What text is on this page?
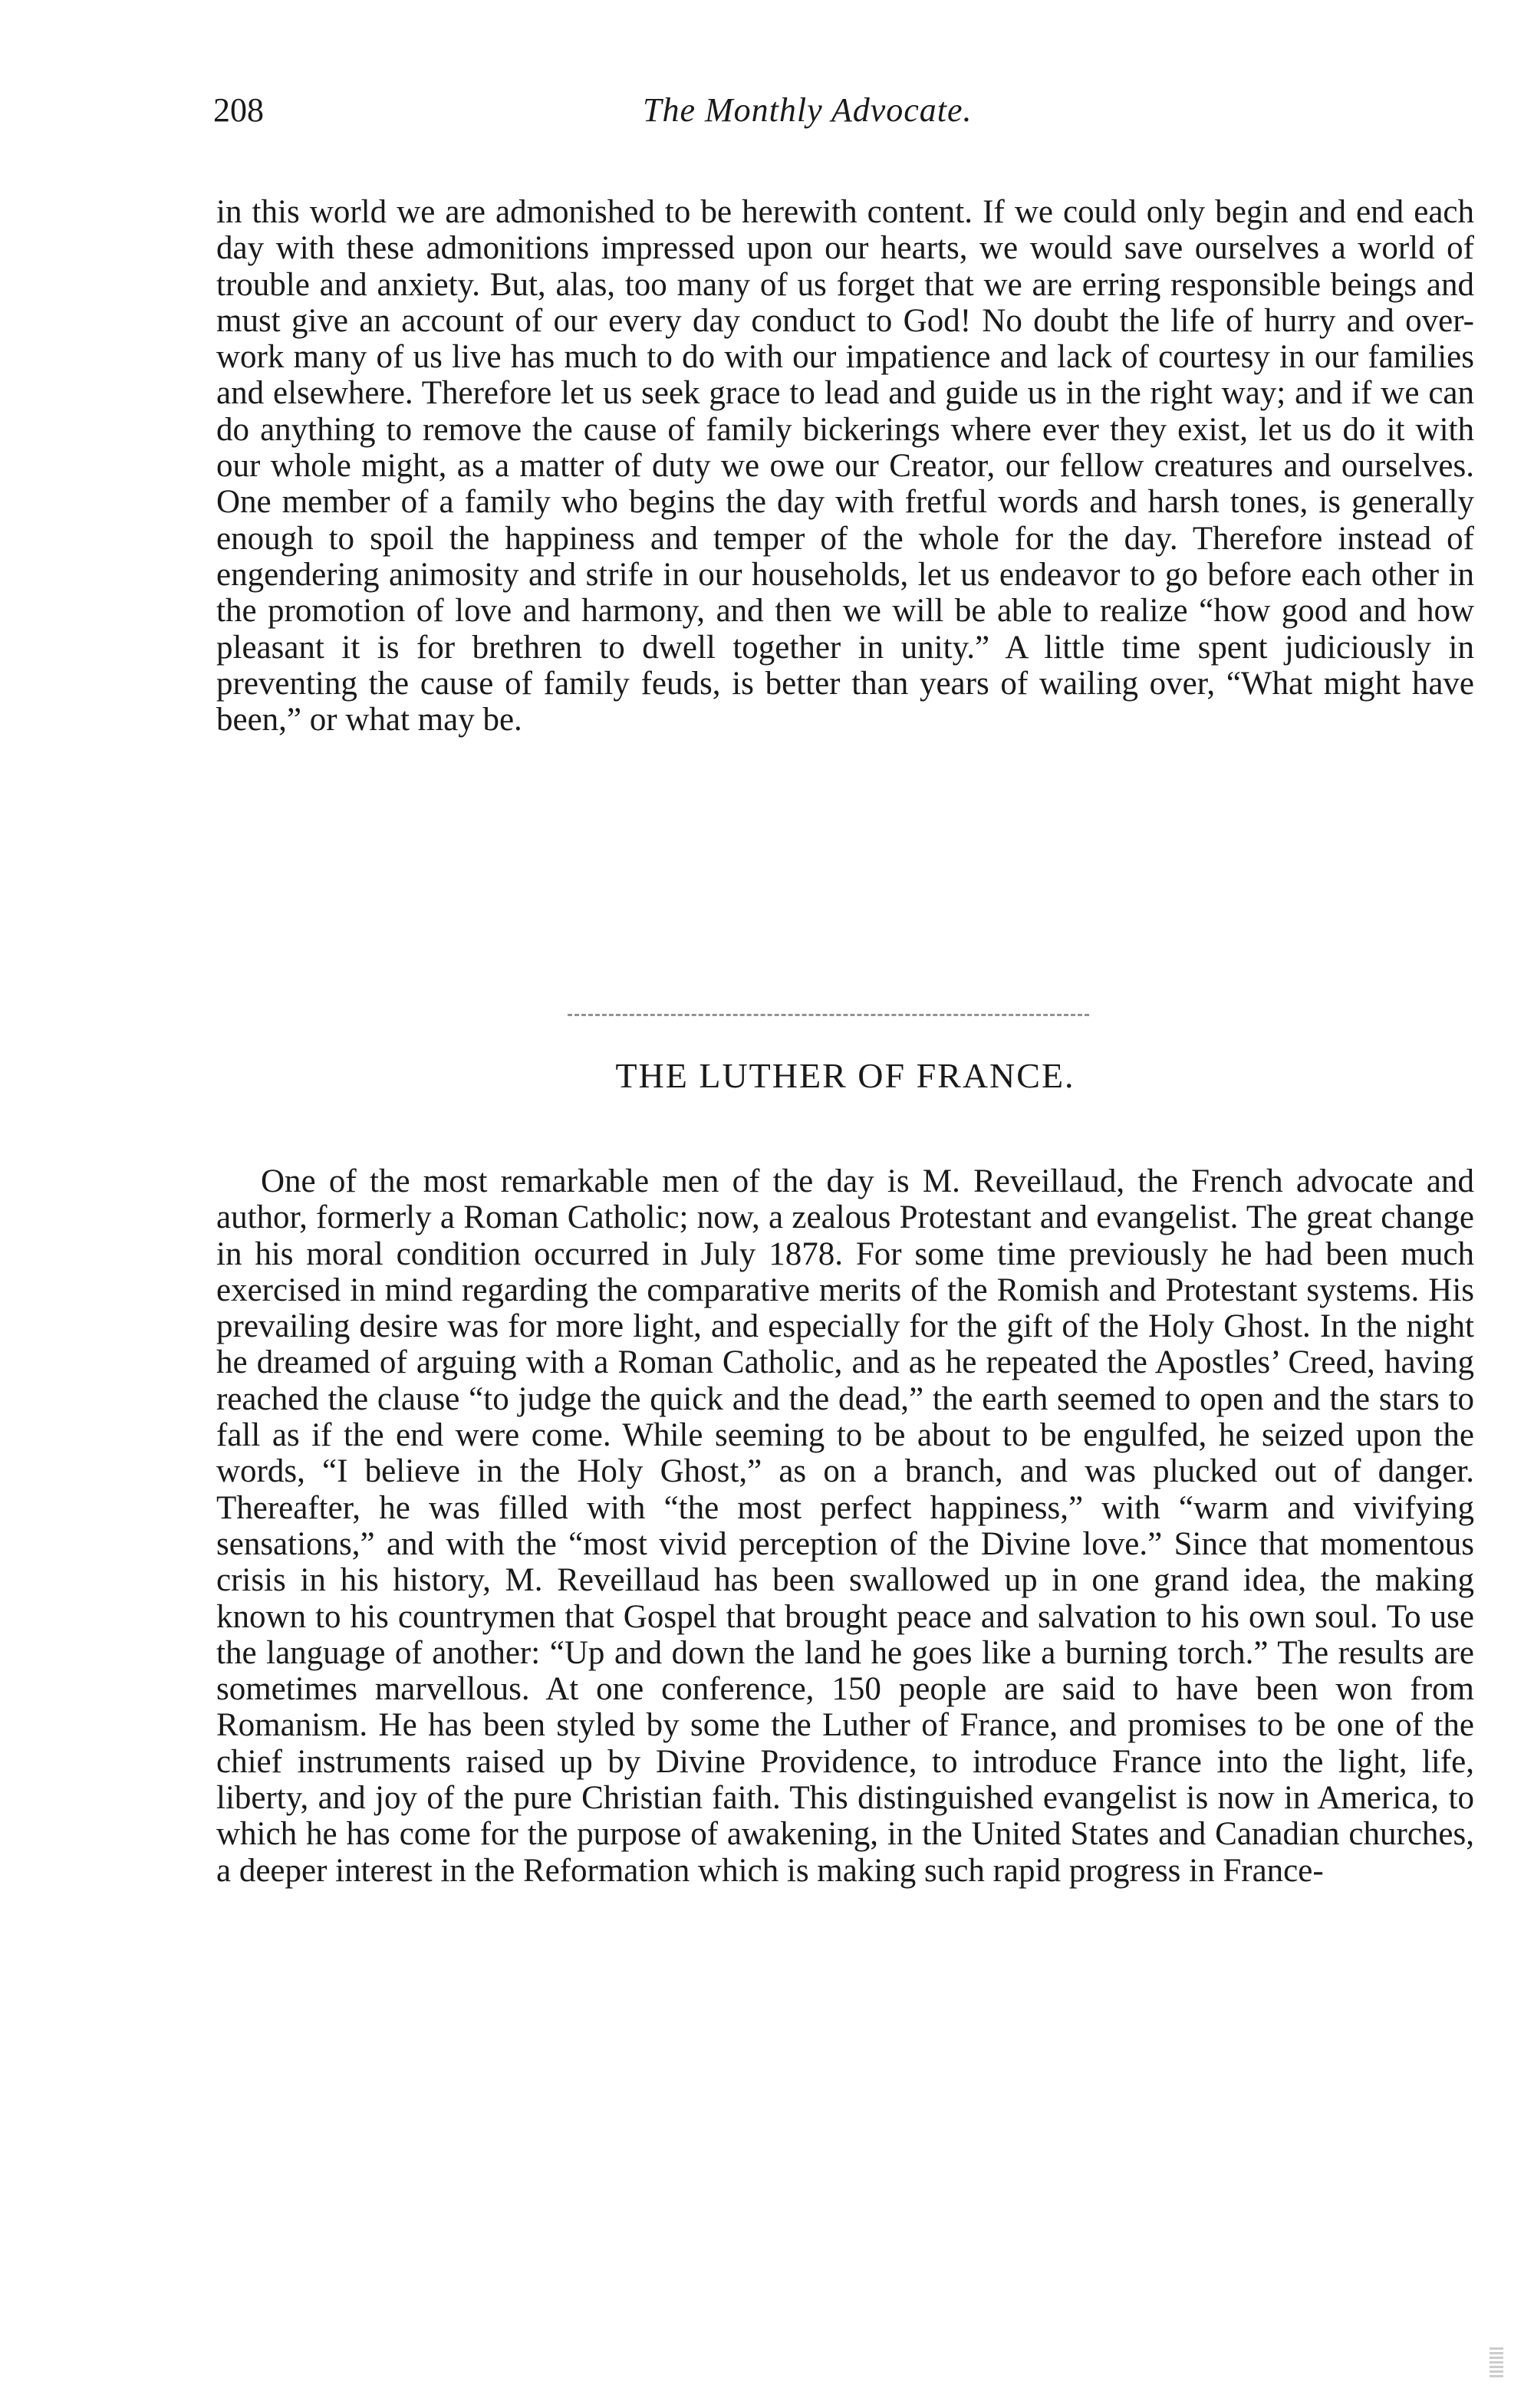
208	The Monthly Advocate.

in this world we are admonished to be herewith content. If we could only begin and end each day with these admonitions impressed upon our hearts, we would save ourselves a world of trouble and anxiety. But, alas, too many of us forget that we are erring responsible beings and must give an account of our every day conduct to God! No doubt the life of hurry and over-work many of us live has much to do with our impatience and lack of courtesy in our families and elsewhere. Therefore let us seek grace to lead and guide us in the right way; and if we can do anything to remove the cause of family bickerings where ever they exist, let us do it with our whole might, as a matter of duty we owe our Creator, our fellow creatures and ourselves. One member of a family who begins the day with fretful words and harsh tones, is generally enough to spoil the happiness and temper of the whole for the day. Therefore instead of engendering animosity and strife in our households, let us endeavor to go before each other in the promotion of love and harmony, and then we will be able to realize “how good and how pleasant it is for brethren to dwell together in unity.” A little time spent judiciously in preventing the cause of family feuds, is better than years of wailing over, “What might have been,” or what may be.

THE LUTHER OF FRANCE.

One of the most remarkable men of the day is M. Reveillaud, the French advocate and author, formerly a Roman Catholic; now, a zealous Protestant and evangelist. The great change in his moral condition occurred in July 1878. For some time previously he had been much exercised in mind regarding the comparative merits of the Romish and Protestant systems. His prevailing desire was for more light, and especially for the gift of the Holy Ghost. In the night he dreamed of arguing with a Roman Catholic, and as he repeated the Apostles’ Creed, having reached the clause “to judge the quick and the dead,” the earth seemed to open and the stars to fall as if the end were come. While seeming to be about to be engulfed, he seized upon the words, “I believe in the Holy Ghost,” as on a branch, and was plucked out of danger. Thereafter, he was filled with “the most perfect happiness,” with “warm and vivifying sensations,” and with the “most vivid perception of the Divine love.” Since that momentous crisis in his history, M. Reveillaud has been swallowed up in one grand idea, the making known to his countrymen that Gospel that brought peace and salvation to his own soul. To use the language of another: “Up and down the land he goes like a burning torch.” The results are sometimes marvellous. At one conference, 150 people are said to have been won from Romanism. He has been styled by some the Luther of France, and promises to be one of the chief instruments raised up by Divine Providence, to introduce France into the light, life, liberty, and joy of the pure Christian faith. This distinguished evangelist is now in America, to which he has come for the purpose of awakening, in the United States and Canadian churches, a deeper interest in the Reformation which is making such rapid progress in France-
